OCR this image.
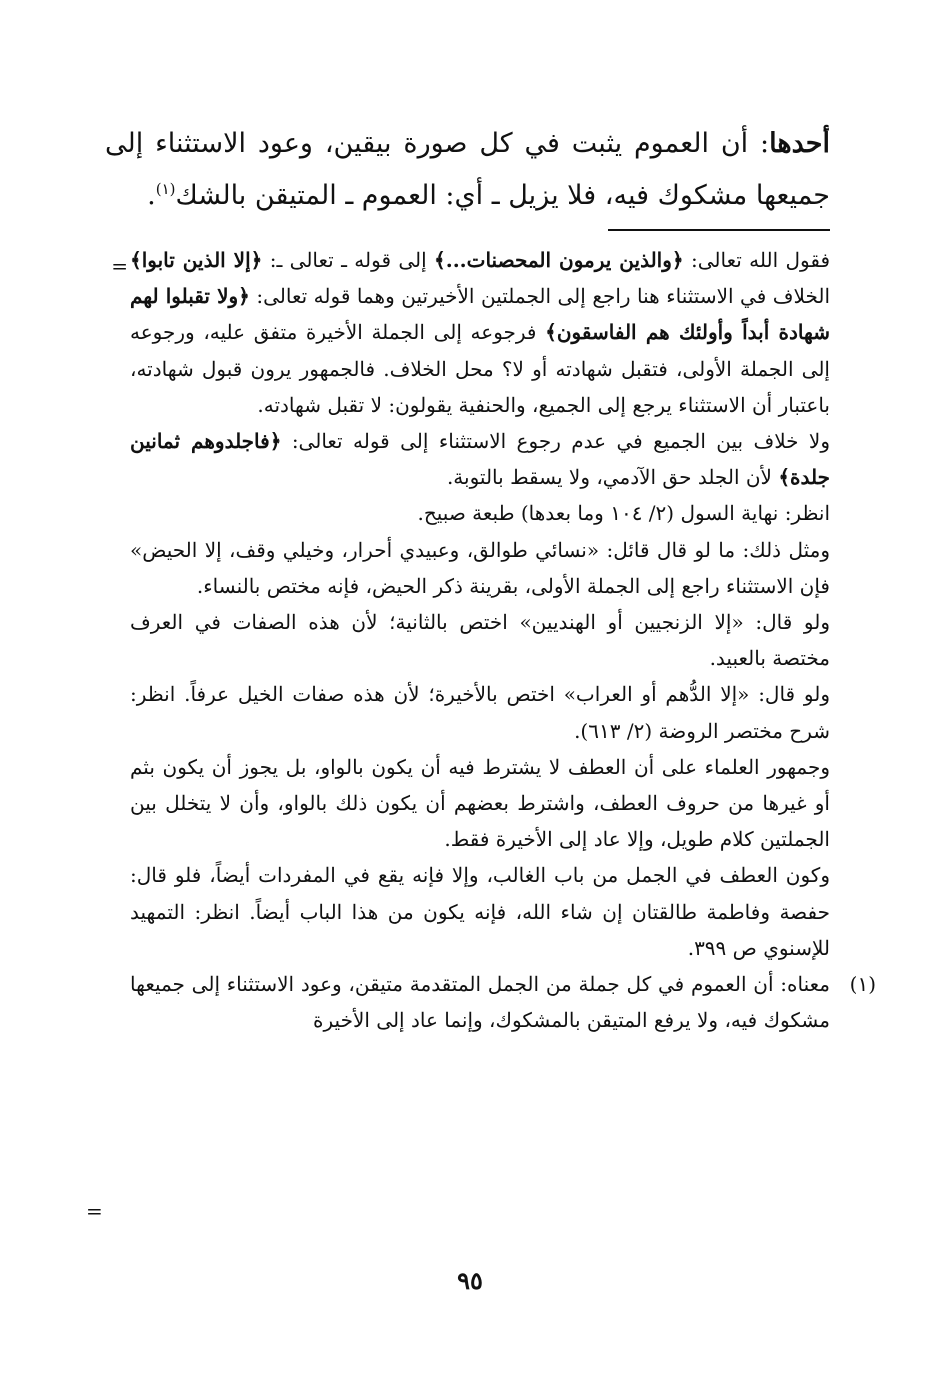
أحدها: أن العموم يثبت في كل صورة بيقين، وعود الاستثناء إلى جميعها مشكوك فيه، فلا يزيل ـ أي: العموم ـ المتيقن بالشك$^{(١)}$.
=	فقول الله تعالى: ﴿والذين يرمون المحصنات...﴾ إلى قوله ـ تعالى ـ: ﴿إلا الذين تابوا﴾ الخلاف في الاستثناء هنا راجع إلى الجملتين الأخيرتين وهما قوله تعالى: ﴿ولا تقبلوا لهم شهادة أبداً وأولئك هم الفاسقون﴾ فرجوعه إلى الجملة الأخيرة متفق عليه، ورجوعه إلى الجملة الأولى، فتقبل شهادته أو لا؟ محل الخلاف. فالجمهور يرون قبول شهادته، باعتبار أن الاستثناء يرجع إلى الجميع، والحنفية يقولون: لا تقبل شهادته.

ولا خلاف بين الجميع في عدم رجوع الاستثناء إلى قوله تعالى: ﴿فاجلدوهم ثمانين جلدة﴾ لأن الجلد حق الآدمي، ولا يسقط بالتوبة.

انظر: نهاية السول (٢/ ١٠٤ وما بعدها) طبعة صبيح.

ومثل ذلك: ما لو قال قائل: «نسائي طوالق، وعبيدي أحرار، وخيلي وقف، إلا الحيض» فإن الاستثناء راجع إلى الجملة الأولى، بقرينة ذكر الحيض، فإنه مختص بالنساء.

ولو قال: «إلا الزنجيين أو الهنديين» اختص بالثانية؛ لأن هذه الصفات في العرف مختصة بالعبيد.

ولو قال: «إلا الدُّهم أو العراب» اختص بالأخيرة؛ لأن هذه صفات الخيل عرفاً. انظر: شرح مختصر الروضة (٢/ ٦١٣).

وجمهور العلماء على أن العطف لا يشترط فيه أن يكون بالواو، بل يجوز أن يكون بثم أو غيرها من حروف العطف، واشترط بعضهم أن يكون ذلك بالواو، وأن لا يتخلل بين الجملتين كلام طويل، وإلا عاد إلى الأخيرة فقط.

وكون العطف في الجمل من باب الغالب، وإلا فإنه يقع في المفردات أيضاً، فلو قال: حفصة وفاطمة طالقتان إن شاء الله، فإنه يكون من هذا الباب أيضاً. انظر: التمهيد للإسنوي ص ٣٩٩.

(١)
معناه: أن العموم في كل جملة من الجمل المتقدمة متيقن، وعود الاستثناء إلى جميعها مشكوك فيه، ولا يرفع المتيقن بالمشكوك، وإنما عاد إلى الأخيرة

=
٩٥
